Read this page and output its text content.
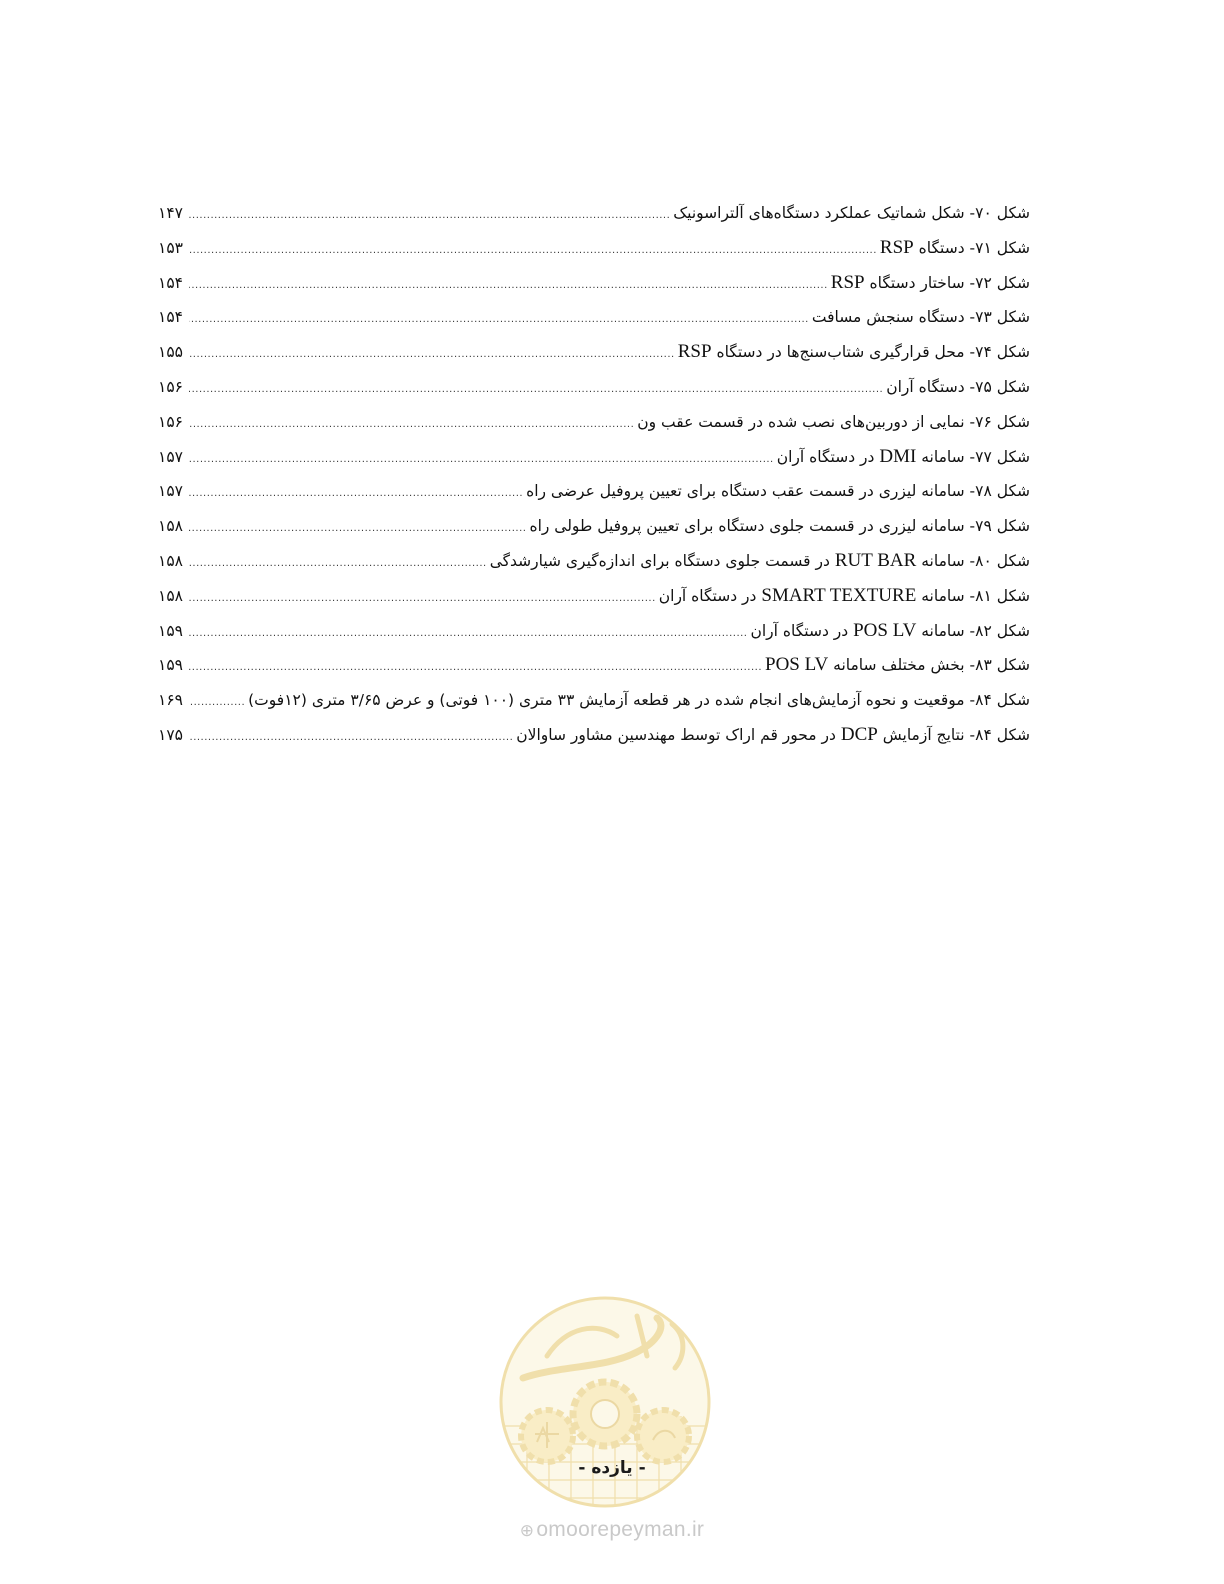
شکل ۷۰- شکل شماتیک عملکرد دستگاه‌های آلتراسونیک
.....
۱۴۷
شکل ۷۱- دستگاه RSP
.....
۱۵۳
شکل ۷۲- ساختار دستگاه RSP
.....
۱۵۴
شکل ۷۳- دستگاه سنجش مسافت
.....
۱۵۴
شکل ۷۴- محل قرارگیری شتاب‌سنج‌ها در دستگاه RSP
.....
۱۵۵
شکل ۷۵- دستگاه آران
.....
۱۵۶
شکل ۷۶- نمایی از دوربین‌های نصب شده در قسمت عقب ون
.....
۱۵۶
شکل ۷۷- سامانه DMI در دستگاه آران
.....
۱۵۷
شکل ۷۸- سامانه لیزری در قسمت عقب دستگاه برای تعیین پروفیل عرضی راه
.....
۱۵۷
شکل ۷۹- سامانه لیزری در قسمت جلوی دستگاه برای تعیین پروفیل طولی راه
.....
۱۵۸
شکل ۸۰- سامانه RUT BAR در قسمت جلوی دستگاه برای اندازه‌گیری شیارشدگی
.....
۱۵۸
شکل ۸۱- سامانه SMART TEXTURE در دستگاه آران
.....
۱۵۸
شکل ۸۲- سامانه POS LV در دستگاه آران
.....
۱۵۹
شکل ۸۳- بخش مختلف سامانه POS LV
.....
۱۵۹
شکل ۸۴- موقعیت و نحوه آزمایش‌های انجام شده در هر قطعه آزمایش ۳۳ متری (۱۰۰ فوتی) و عرض ۳/۶۵ متری (۱۲فوت)
.....
۱۶۹
شکل ۸۴- نتایج آزمایش DCP در محور قم اراک توسط مهندسین مشاور ساوالان
.....
۱۷۵
- یازده -
⊕omoorepeyman.ir
